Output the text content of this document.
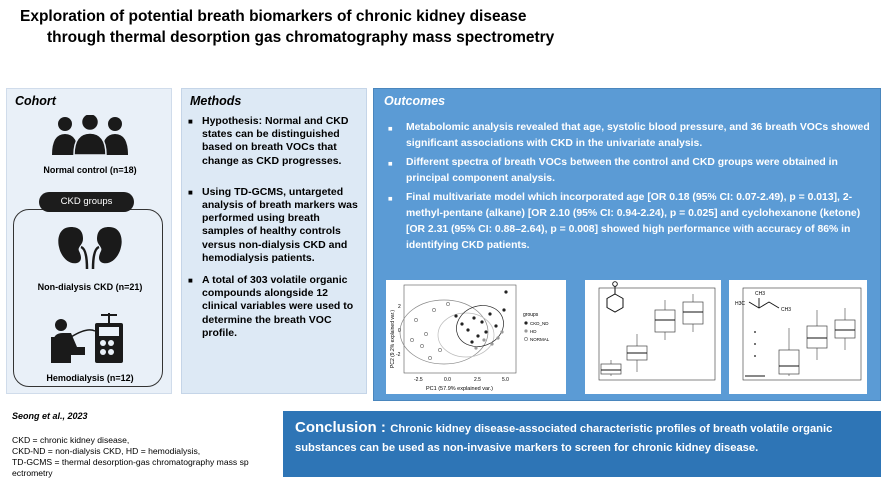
Exploration of potential breath biomarkers of chronic kidney disease
through thermal desorption gas chromatography mass spectrometry
Cohort
Normal control (n=18)
CKD groups
Non-dialysis CKD (n=21)
Hemodialysis (n=12)
Methods
■ Hypothesis: Normal and CKD states can be distinguished based on breath VOCs that change as CKD progresses.
■ Using TD-GCMS, untargeted analysis of breath markers was performed using breath samples of healthy controls versus non-dialysis CKD and hemodialysis patients.
■ A total of 303 volatile organic compounds alongside 12 clinical variables were used to determine the breath VOC profile.
Outcomes
■ Metabolomic analysis revealed that age, systolic blood pressure, and 36 breath VOCs showed significant associations with CKD in the univariate analysis.
■ Different spectra of breath VOCs between the control and CKD groups were obtained in principal component analysis.
■ Final multivariate model which incorporated age [OR 0.18 (95% CI: 0.07-2.49), p = 0.013], 2-methyl-pentane (alkane) [OR 2.10 (95% CI: 0.94-2.24), p = 0.025] and cyclohexanone (ketone) [OR 2.31 (95% CI: 0.88–2.64), p = 0.008] showed high performance with accuracy of 86% in identifying CKD patients.
groups
CKD_ND
HD
NORMAL
-2.5	0.0	2.5	5.0
2
0
-2
PC1 (57.9% explained var.)
PC2 (9.2% explained var.)
CH3
H3C
CH3
Seong et al., 2023
CKD = chronic kidney disease,
CKD-ND = non-dialysis CKD, HD = hemodialysis,
TD-GCMS = thermal desorption-gas chromatography mass sp
ectrometry
Conclusion : Chronic kidney disease-associated characteristic profiles of breath volatile organic substances can be used as non-invasive markers to screen for chronic kidney disease.
